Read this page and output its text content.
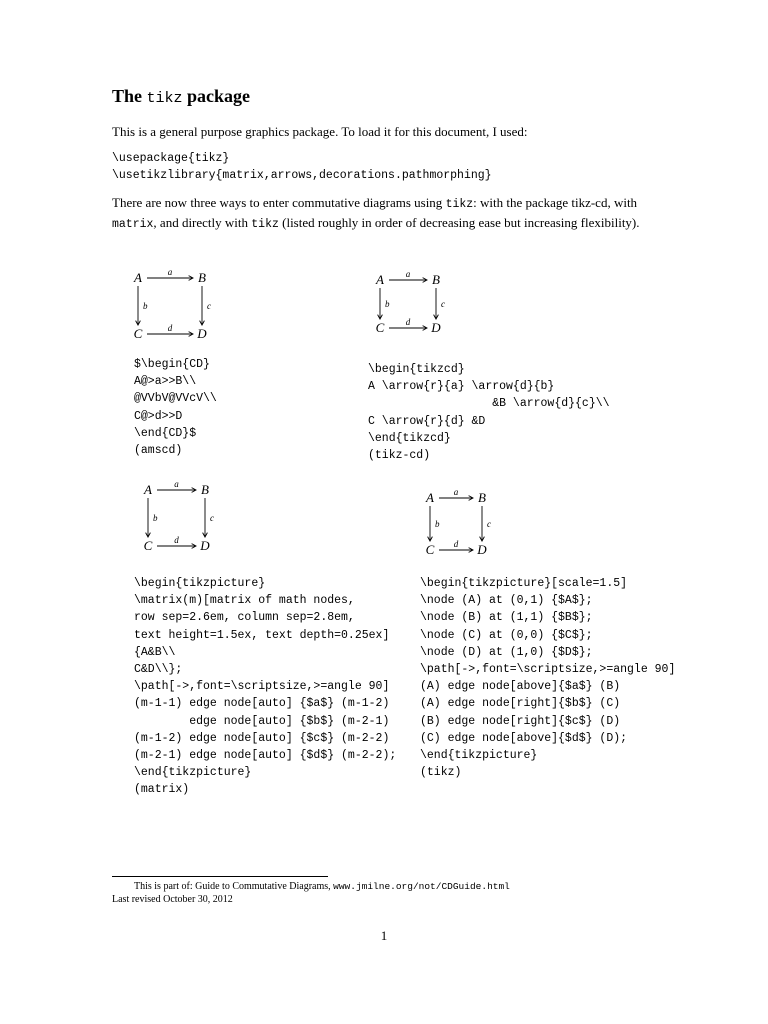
The tikz package
This is a general purpose graphics package. To load it for this document, I used:
\usepackage{tikz}
\usetikzlibrary{matrix,arrows,decorations.pathmorphing}
There are now three ways to enter commutative diagrams using tikz: with the package tikz-cd, with matrix, and directly with tikz (listed roughly in order of decreasing ease but increasing flexibility).
A	B
C	D
a
d
b	c
A	B
C	D
a
d
b	c
A	B
C	D
a
d
b	c
A	B
C	D
a
d
b	c
$\begin{CD}
A@>a>>B\\
@VVbV@VVcV\\
C@>d>>D
\end{CD}$
(amscd)
\begin{tikzcd}
A \arrow{r}{a} \arrow{d}{b}
&B \arrow{d}{c}\\
C \arrow{r}{d} &D
\end{tikzcd}
(tikz-cd)
\begin{tikzpicture}
\matrix(m)[matrix of math nodes,
row sep=2.6em, column sep=2.8em,
text height=1.5ex, text depth=0.25ex]
{A&B\\
C&D\\};
\path[->,font=\scriptsize,>=angle 90]
(m-1-1) edge node[auto] {$a$} (m-1-2)
edge node[auto] {$b$} (m-2-1)
(m-1-2) edge node[auto] {$c$} (m-2-2)
(m-2-1) edge node[auto] {$d$} (m-2-2);
\end{tikzpicture}
(matrix)
\begin{tikzpicture}[scale=1.5]
\node (A) at (0,1) {$A$};
\node (B) at (1,1) {$B$};
\node (C) at (0,0) {$C$};
\node (D) at (1,0) {$D$};
\path[->,font=\scriptsize,>=angle 90]
(A) edge node[above]{$a$} (B)
(A) edge node[right]{$b$} (C)
(B) edge node[right]{$c$} (D)
(C) edge node[above]{$d$} (D);
\end{tikzpicture}
(tikz)
This is part of: Guide to Commutative Diagrams, www.jmilne.org/not/CDGuide.html
Last revised October 30, 2012
1
